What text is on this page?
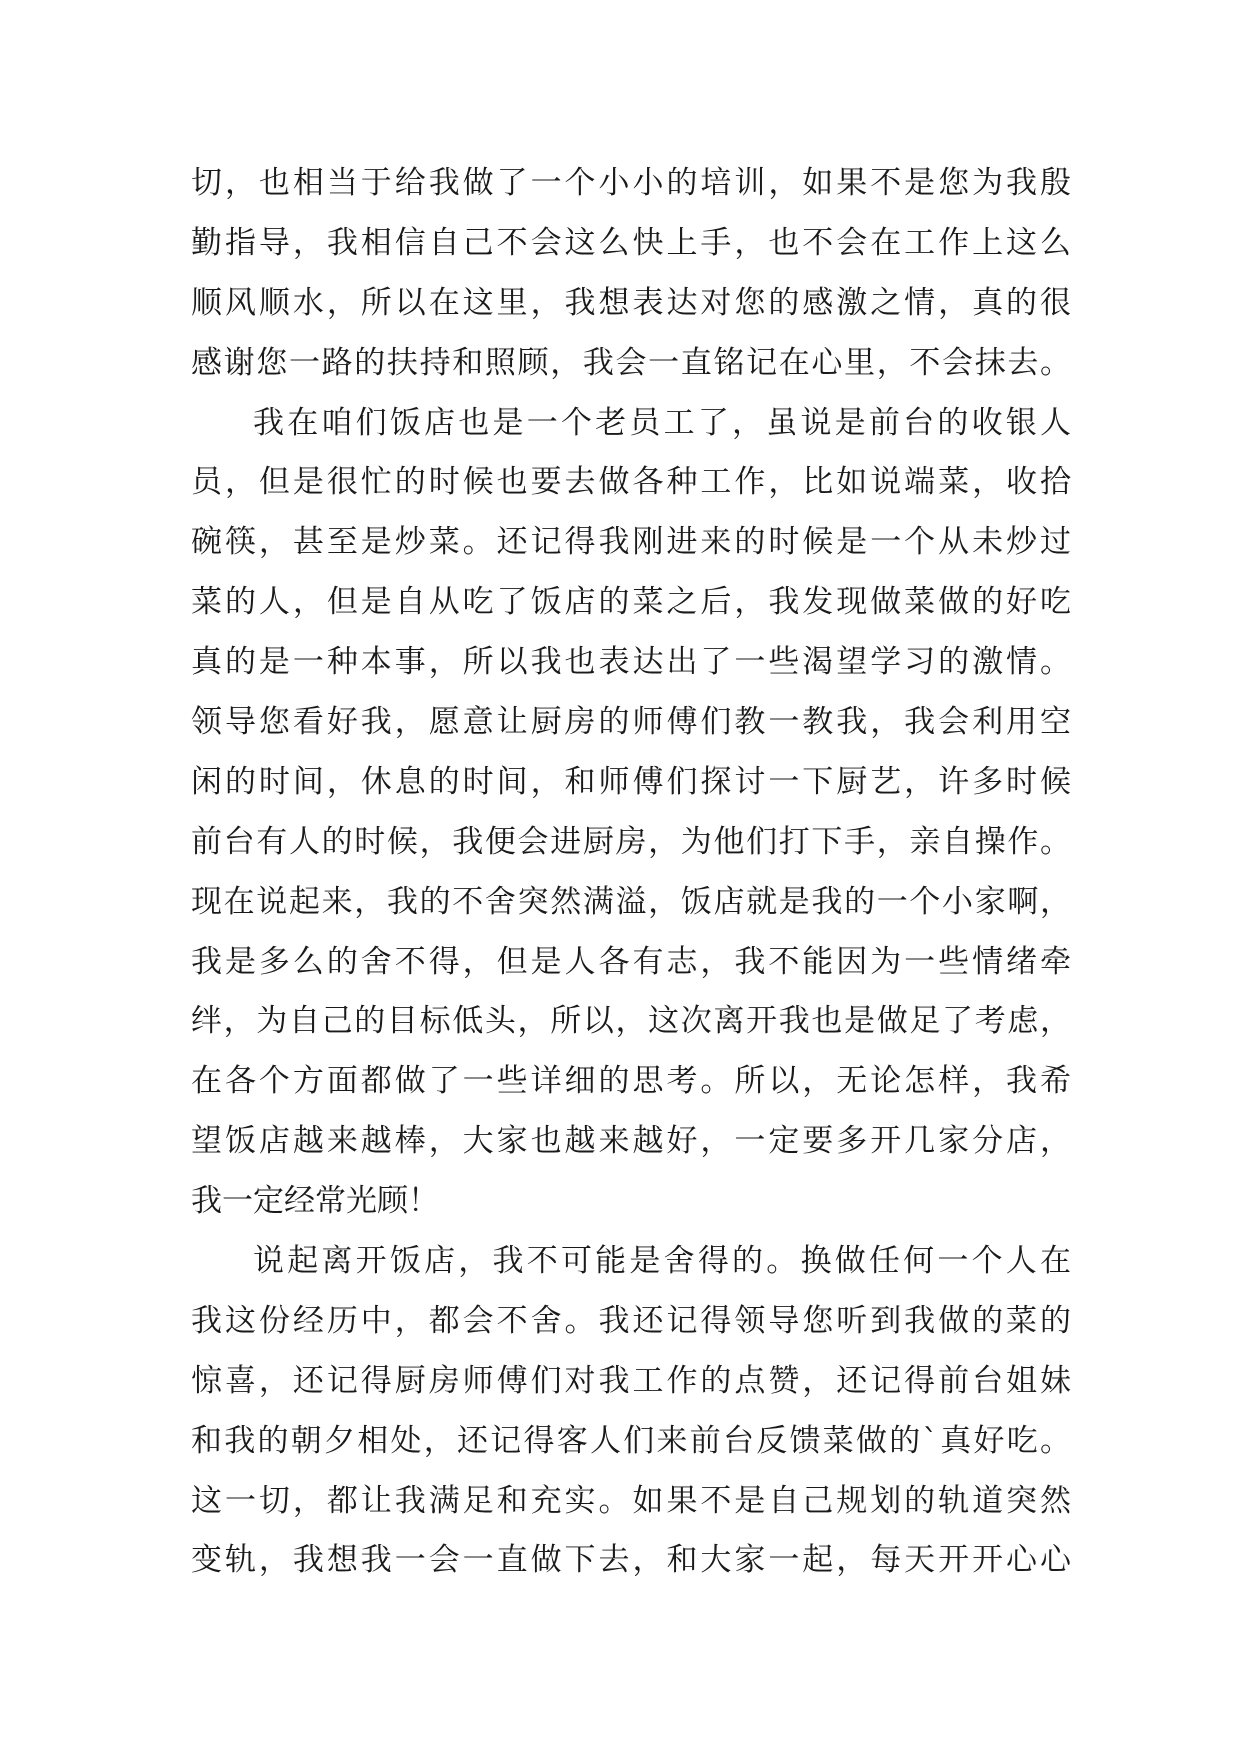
切，也相当于给我做了一个小小的培训，如果不是您为我殷
勤指导，我相信自己不会这么快上手，也不会在工作上这么
顺风顺水，所以在这里，我想表达对您的感激之情，真的很
感谢您一路的扶持和照顾，我会一直铭记在心里，不会抹去。
我在咱们饭店也是一个老员工了，虽说是前台的收银人
员，但是很忙的时候也要去做各种工作，比如说端菜，收拾
碗筷，甚至是炒菜。还记得我刚进来的时候是一个从未炒过
菜的人，但是自从吃了饭店的菜之后，我发现做菜做的好吃
真的是一种本事，所以我也表达出了一些渴望学习的激情。
领导您看好我，愿意让厨房的师傅们教一教我，我会利用空
闲的时间，休息的时间，和师傅们探讨一下厨艺，许多时候
前台有人的时候，我便会进厨房，为他们打下手，亲自操作。
现在说起来，我的不舍突然满溢，饭店就是我的一个小家啊，
我是多么的舍不得，但是人各有志，我不能因为一些情绪牵
绊，为自己的目标低头，所以，这次离开我也是做足了考虑，
在各个方面都做了一些详细的思考。所以，无论怎样，我希
望饭店越来越棒，大家也越来越好，一定要多开几家分店，
我一定经常光顾！
说起离开饭店，我不可能是舍得的。换做任何一个人在
我这份经历中，都会不舍。我还记得领导您听到我做的菜的
惊喜，还记得厨房师傅们对我工作的点赞，还记得前台姐妹
和我的朝夕相处，还记得客人们来前台反馈菜做的`真好吃。
这一切，都让我满足和充实。如果不是自己规划的轨道突然
变轨，我想我一会一直做下去，和大家一起，每天开开心心
